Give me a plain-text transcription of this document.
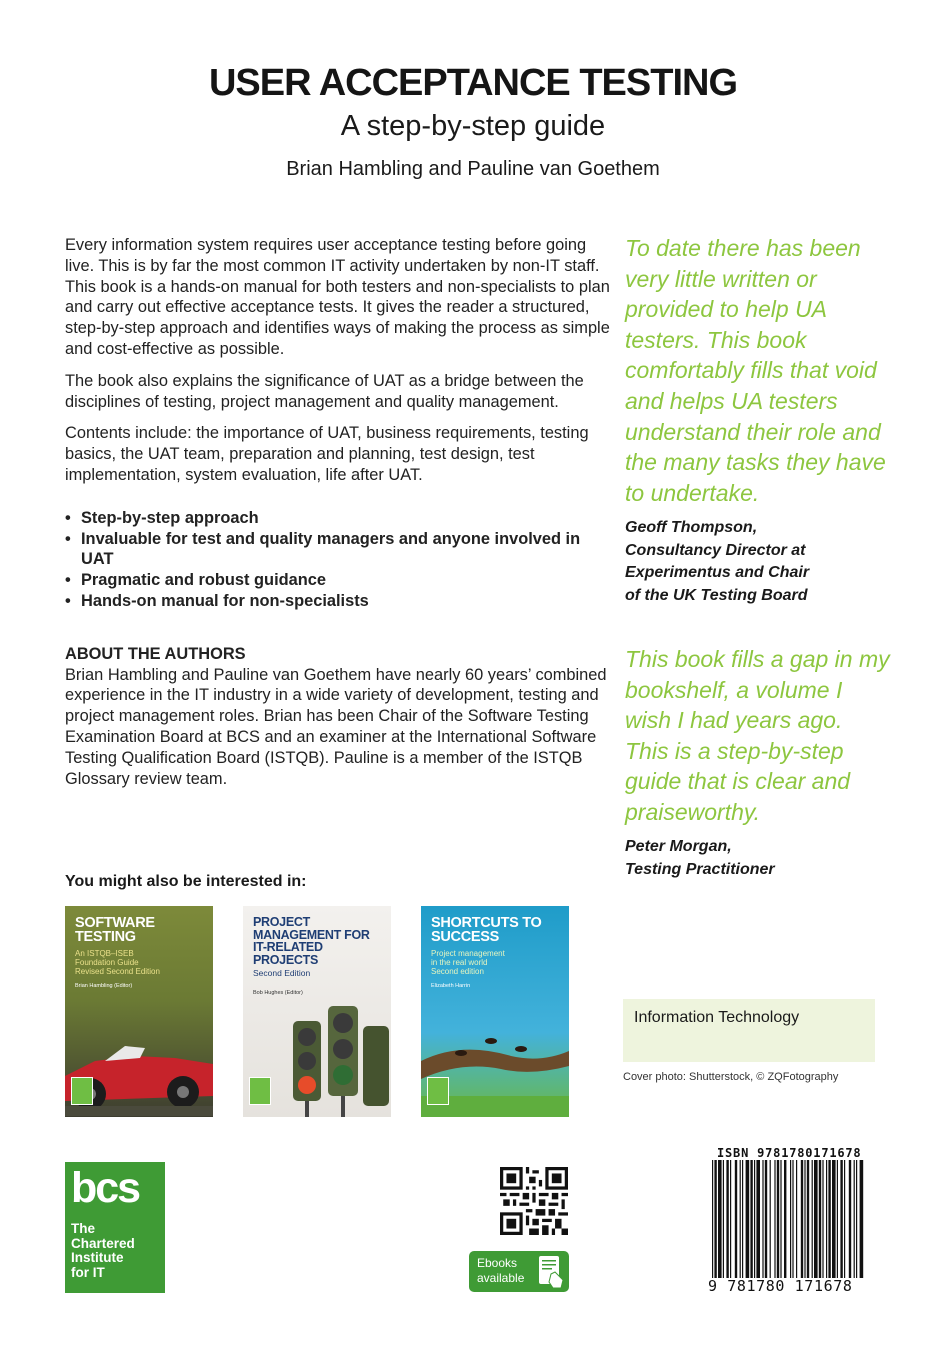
USER ACCEPTANCE TESTING
A step-by-step guide
Brian Hambling and Pauline van Goethem

Every information system requires user acceptance testing before going live. This is by far the most common IT activity undertaken by non-IT staff. This book is a hands-on manual for both testers and non-specialists to plan and carry out effective acceptance tests. It gives the reader a structured, step-by-step approach and identifies ways of making the process as simple and cost-effective as possible.

The book also explains the significance of UAT as a bridge between the disciplines of testing, project management and quality management.

Contents include: the importance of UAT, business requirements, testing basics, the UAT team, preparation and planning, test design, test implementation, system evaluation, life after UAT.

• Step-by-step approach
• Invaluable for test and quality managers and anyone involved in UAT
• Pragmatic and robust guidance
• Hands-on manual for non-specialists
ABOUT THE AUTHORS

Brian Hambling and Pauline van Goethem have nearly 60 years’ combined experience in the IT industry in a wide variety of development, testing and project management roles. Brian has been Chair of the Software Testing Examination Board at BCS and an examiner at the International Software Testing Qualification Board (ISTQB). Pauline is a member of the ISTQB Glossary review team.

To date there has been very little written or provided to help UA testers. This book comfortably fills that void and helps UA testers understand their role and the many tasks they have to undertake.
Geoff Thompson,
Consultancy Director at
Experimentus and Chair
of the UK Testing Board
This book fills a gap in my bookshelf, a volume I wish I had years ago. This is a step-by-step guide that is clear and praiseworthy.
Peter Morgan,
Testing Practitioner
You might also be interested in:
SOFTWARE TESTING
An ISTQB–ISEB
Foundation Guide
Revised Second Edition
Brian Hambling (Editor)
PROJECT MANAGEMENT FOR IT-RELATED PROJECTS
Second Edition
Bob Hughes (Editor)
SHORTCUTS TO SUCCESS
Project management
in the real world
Second edition
Elizabeth Harrin
Information Technology
Cover photo: Shutterstock, © ZQFotography
bcs
The
Chartered
Institute
for IT
Ebooks
available
ISBN 9781780171678
9 781780 171678
